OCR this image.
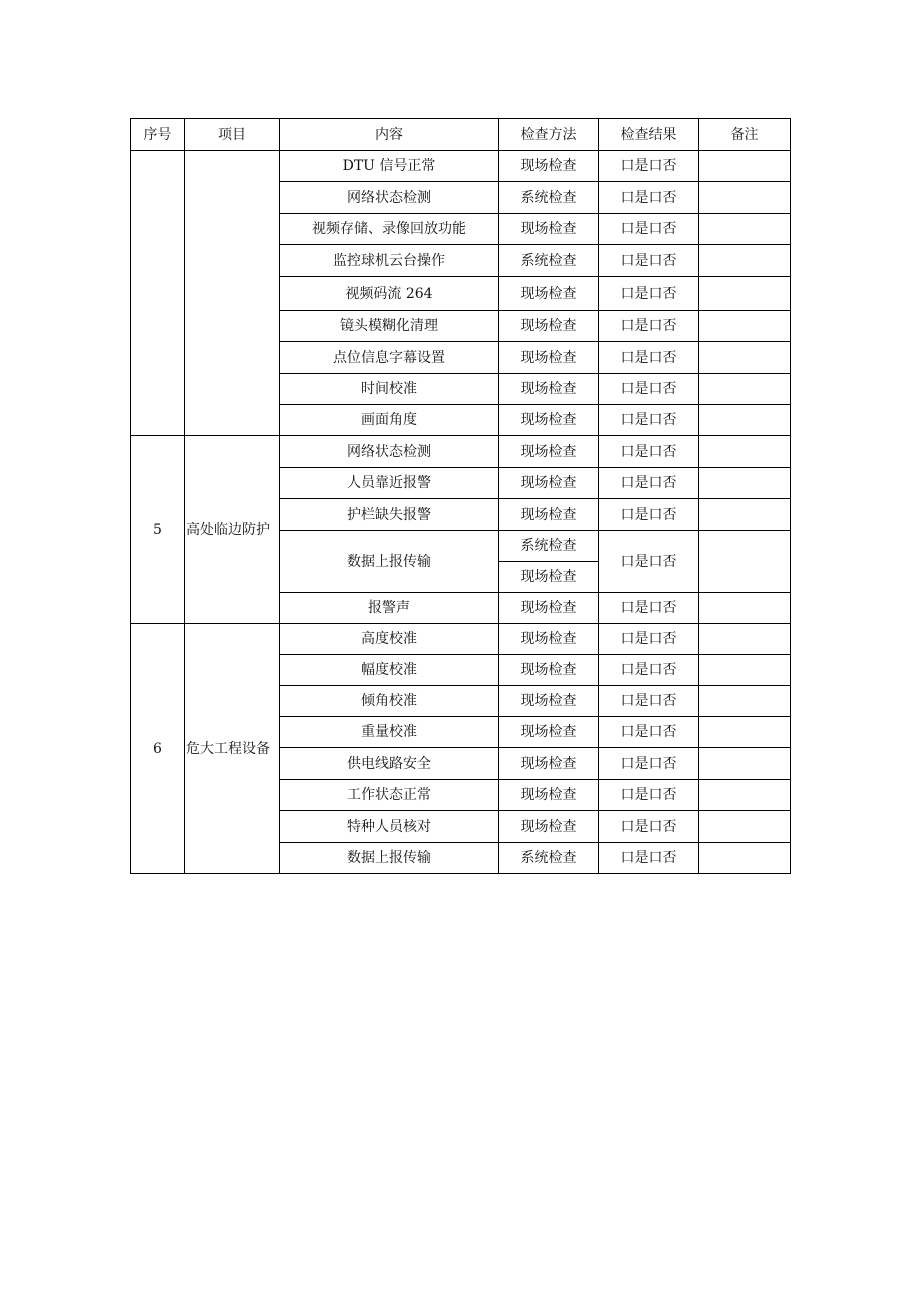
序号	项目	内容	检查方法	检查结果	备注
		DTU 信号正常	现场检查	口是口否	
		网络状态检测	系统检查	口是口否	
		视频存储、录像回放功能	现场检查	口是口否	
		监控球机云台操作	系统检查	口是口否	
		视频码流 264	现场检查	口是口否	
		镜头模糊化清理	现场检查	口是口否	
		点位信息字幕设置	现场检查	口是口否	
		时间校准	现场检查	口是口否	
		画面角度	现场检查	口是口否	
5	高处临边防护	网络状态检测	现场检查	口是口否	
		人员靠近报警	现场检查	口是口否	
		护栏缺失报警	现场检查	口是口否	
		数据上报传输	系统检查	口是口否	
			现场检查		
		报警声	现场检查	口是口否	
6	危大工程设备	高度校准	现场检查	口是口否	
		幅度校准	现场检查	口是口否	
		倾角校准	现场检查	口是口否	
		重量校准	现场检查	口是口否	
		供电线路安全	现场检查	口是口否	
		工作状态正常	现场检查	口是口否	
		特种人员核对	现场检查	口是口否	
		数据上报传输	系统检查	口是口否	
